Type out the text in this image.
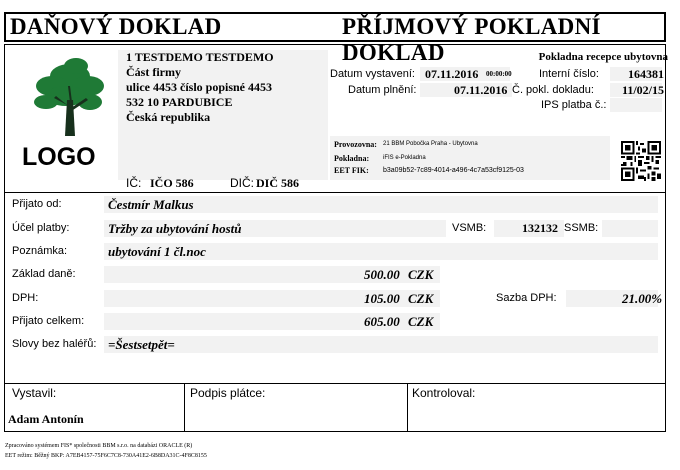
DAŇOVÝ DOKLAD	PŘÍJMOVÝ POKLADNÍ DOKLAD
LOGO
1 TESTDEMO TESTDEMO
Část firmy
ulice 4453 číslo popisné 4453
532 10 PARDUBICE
Česká republika
IČ: IČO 586	DIČ: DIČ 586
Pokladna recepce ubytovna
Datum vystavení: 07.11.2016 00:00:00 Interní číslo: 164381
Datum plnění:	07.11.2016 Č. pokl. dokladu: 11/02/15
IPS platba č.:
Provozovna: 21 BBM Pobočka Praha - Ubytovna
Pokladna: iFIS e-Pokladna
EET FIK: b3a09b52-7c89-4014-a496-4c7a53cf9125-03
Přijato od:	Čestmír Malkus
Účel platby:	Tržby za ubytování hostů	VSMB:	132132 SSMB:
Poznámka:	ubytování 1 čl.noc
Základ daně:	500.00 CZK
DPH:	105.00 CZK	Sazba DPH:	21.00%
Přijato celkem:	605.00 CZK
Slovy bez haléřů: =Šestsetpět=
Vystavil:
Adam Antonín
Podpis plátce:	Kontroloval:
Zpracováno systémem FIS* společnosti BBM s.r.o. na databázi ORACLE (R)
EET režim: Běžný BKP: A7EB4157-75F6C7C8-730A41E2-6B8DA31C-4F8C8155
